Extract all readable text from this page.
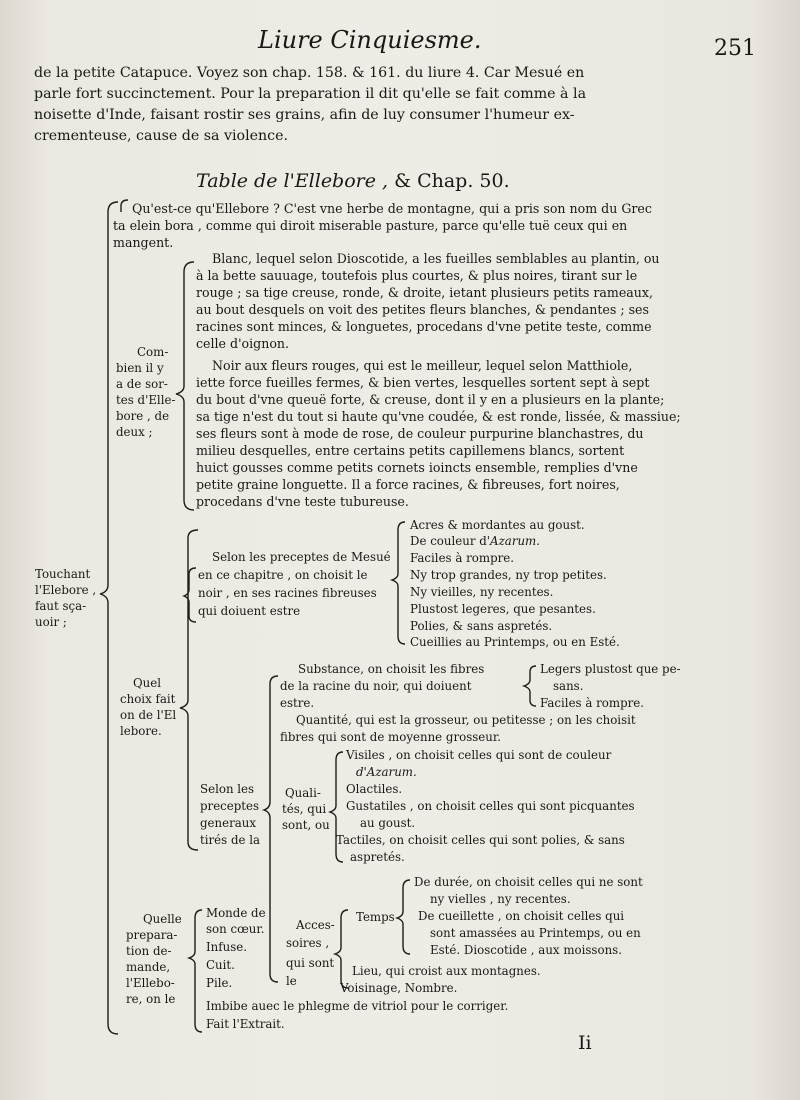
Liure Cinquiesme.	251
de la petite Catapuce. Voyez son chap. 158. & 161. du liure 4. Car Mesué en
parle fort succinctement. Pour la preparation il dit qu'elle se fait comme à la
noisette d'Inde, faisant rostir ses grains, afin de luy consumer l'humeur ex-
crementeuse, cause de sa violence.
Table de l'Ellebore , & Chap. 50.
Qu'est-ce qu'Ellebore ? C'est vne herbe de montagne, qui a pris son nom du Grec
ta elein bora , comme qui diroit miserable pasture, parce qu'elle tuë ceux qui en
mangent.
Com-
bien il y
a de sor-
tes d'Elle-
bore , de
deux ;
Blanc, lequel selon Dioscotide, a les fueilles semblables au plantin, ou
à la bette sauuage, toutefois plus courtes, & plus noires, tirant sur le
rouge ; sa tige creuse, ronde, & droite, ietant plusieurs petits rameaux,
au bout desquels on voit des petites fleurs blanches, & pendantes ; ses
racines sont minces, & longuetes, procedans d'vne petite teste, comme
celle d'oignon.
Noir aux fleurs rouges, qui est le meilleur, lequel selon Matthiole,
iette force fueilles fermes, & bien vertes, lesquelles sortent sept à sept
du bout d'vne queuë forte, & creuse, dont il y en a plusieurs en la plante;
sa tige n'est du tout si haute qu'vne coudée, & est ronde, lissée, & massiue;
ses fleurs sont à mode de rose, de couleur purpurine blanchastres, du
milieu desquelles, entre certains petits capillemens blancs, sortent
huict gousses comme petits cornets ioincts ensemble, remplies d'vne
petite graine longuette. Il a force racines, & fibreuses, fort noires,
procedans d'vne teste tubureuse.
Touchant
l'Elebore ,
faut sça-
uoir ;
Quel
choix fait
on de l'El
lebore.
Selon les preceptes de Mesué
en ce chapitre , on choisit le
noir , en ses racines fibreuses
qui doiuent estre
Acres & mordantes au goust.
De couleur d'Azarum.
Faciles à rompre.
Ny trop grandes, ny trop petites.
Ny vieilles, ny recentes.
Plustost legeres, que pesantes.
Polies, & sans aspretés.
Cueillies au Printemps, ou en Esté.
Substance, on choisit les fibres
de la racine du noir, qui doiuent
estre.
Legers plustost que pe-
sans.
Faciles à rompre.
Quantité, qui est la grosseur, ou petitesse ; on les choisit
fibres qui sont de moyenne grosseur.
Selon les
preceptes
generaux
tirés de la
Quali-
tés, qui
sont, ou
Visiles , on choisit celles qui sont de couleur
d'Azarum.
Olactiles.
Gustatiles , on choisit celles qui sont picquantes
au goust.
Tactiles, on choisit celles qui sont polies, & sans
aspretés.
Quelle
prepara-
tion de-
mande,
l'Ellebo-
re, on le
Monde de
son cœur.
Infuse.
Cuit.
Pile.
Acces-
soires ,
qui sont
le
Temps
De durée, on choisit celles qui ne sont
ny vielles , ny recentes.
De cueillette , on choisit celles qui
sont amassées au Printemps, ou en
Esté. Dioscotide , aux moissons.
Lieu, qui croist aux montagnes.
Voisinage, Nombre.
Imbibe auec le phlegme de vitriol pour le corriger.
Fait l'Extrait.
Ii
